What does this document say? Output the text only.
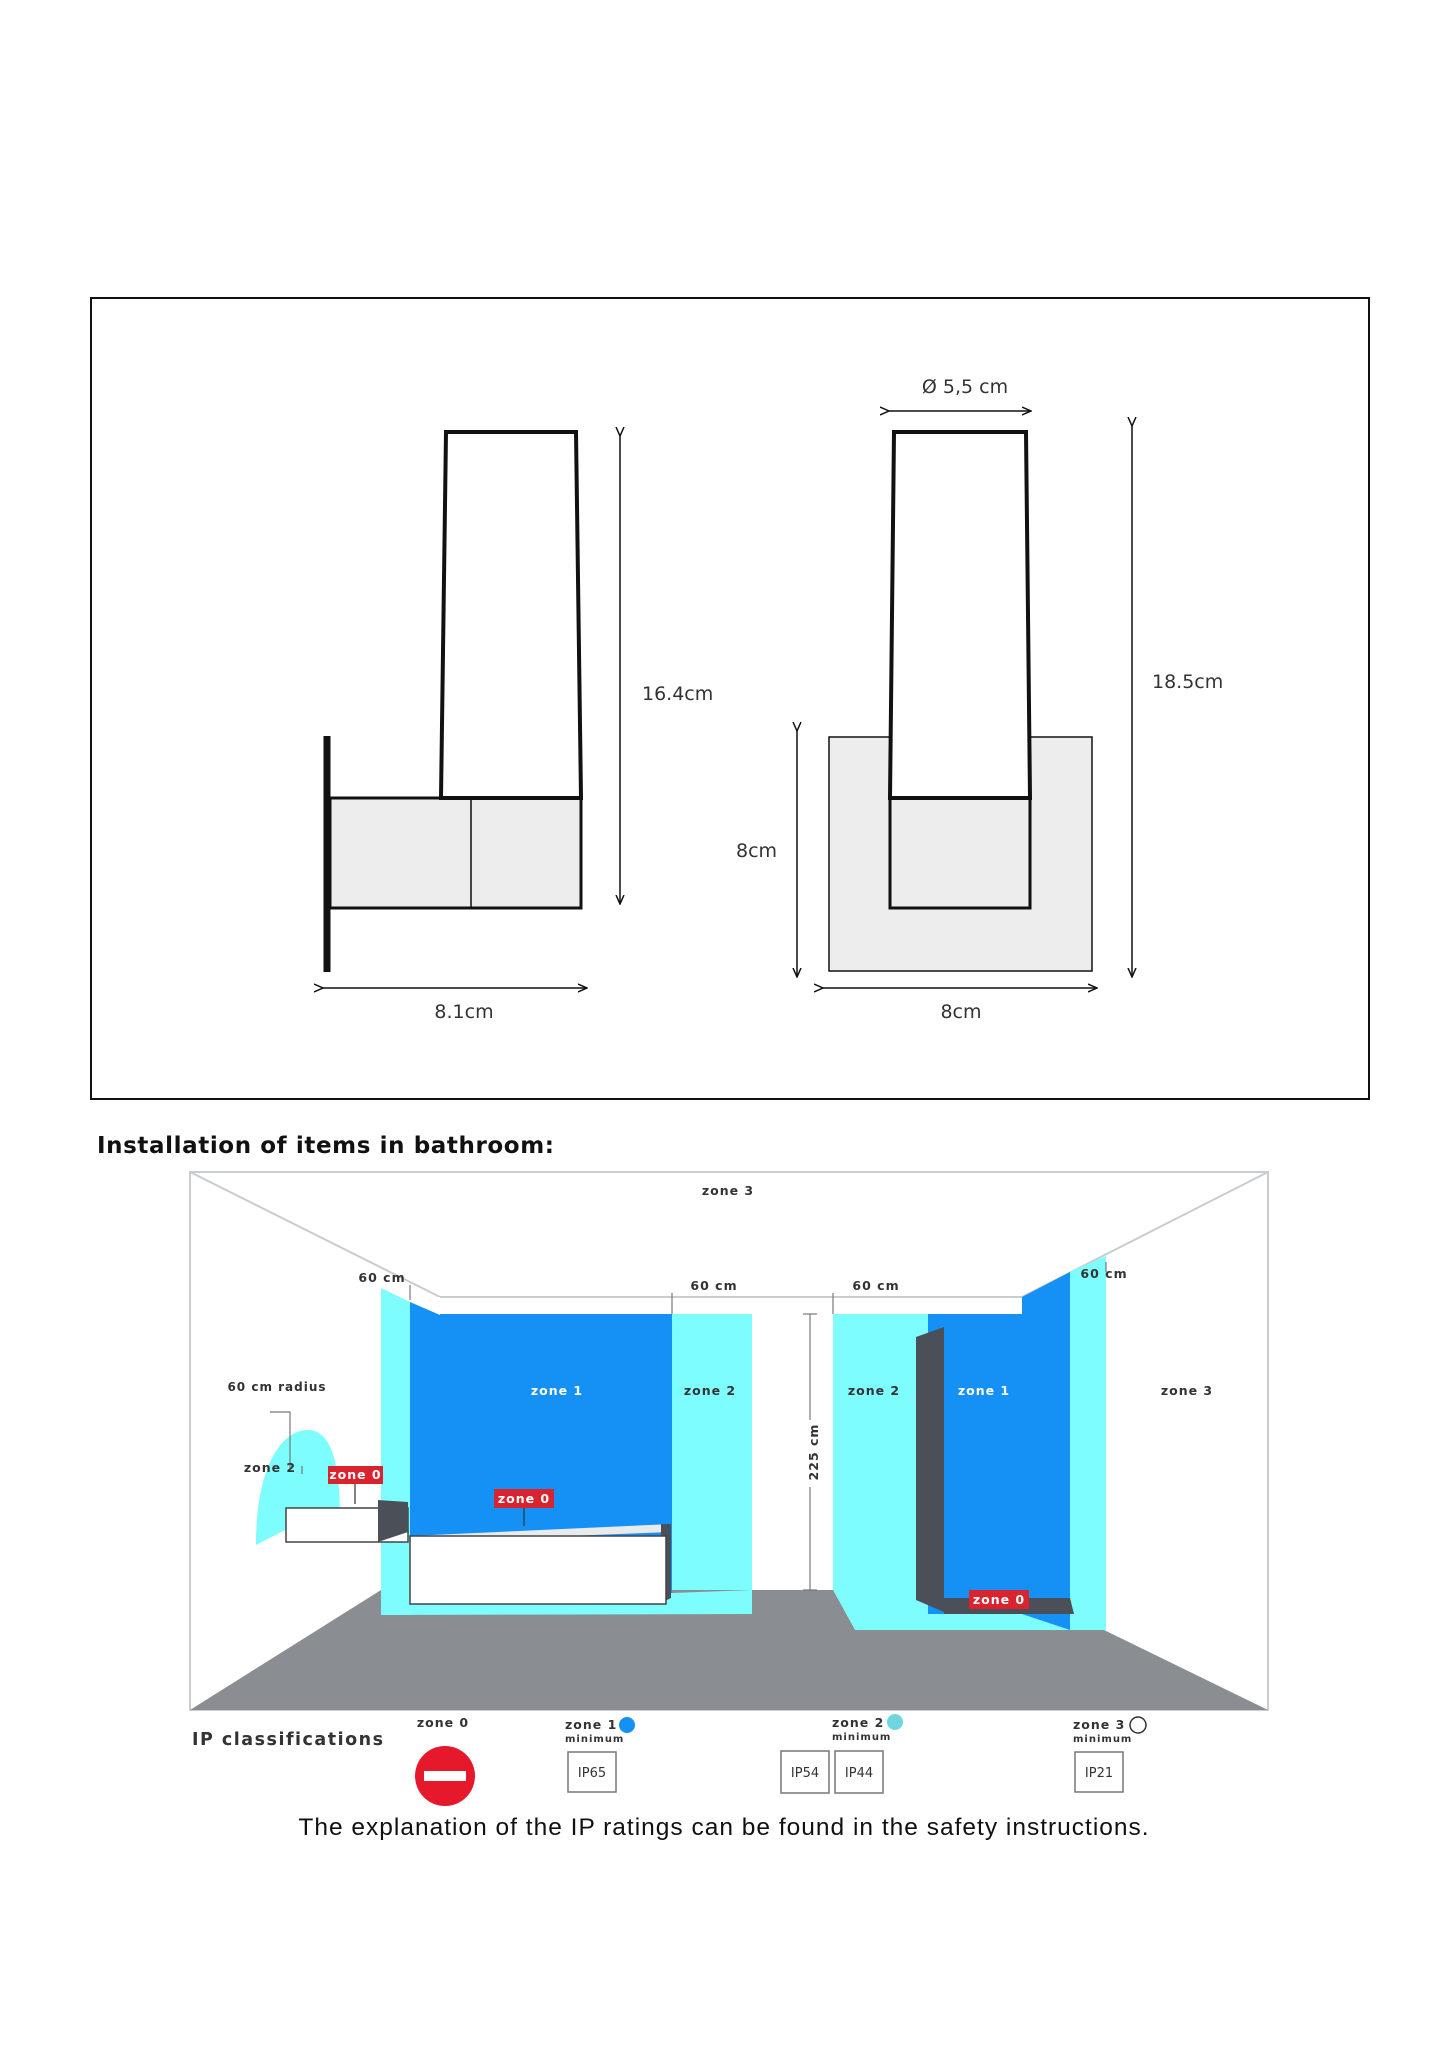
16.4cm
8.1cm
Ø 5,5 cm
18.5cm
8cm
8cm
Installation of items in bathroom:
zone 3
60 cm
60 cm	60 cm
60 cm
225 cm
60 cm radius	zone 1	zone 2	zone 2	zone 1	zone 3
zone 2	zone 0
zone 0
zone 0
IP classifications
zone 0	zone 1
minimum
IP65
zone 2
minimum
IP54 IP44
zone 3
minimum
IP21
The explanation of the IP ratings can be found in the safety instructions.
